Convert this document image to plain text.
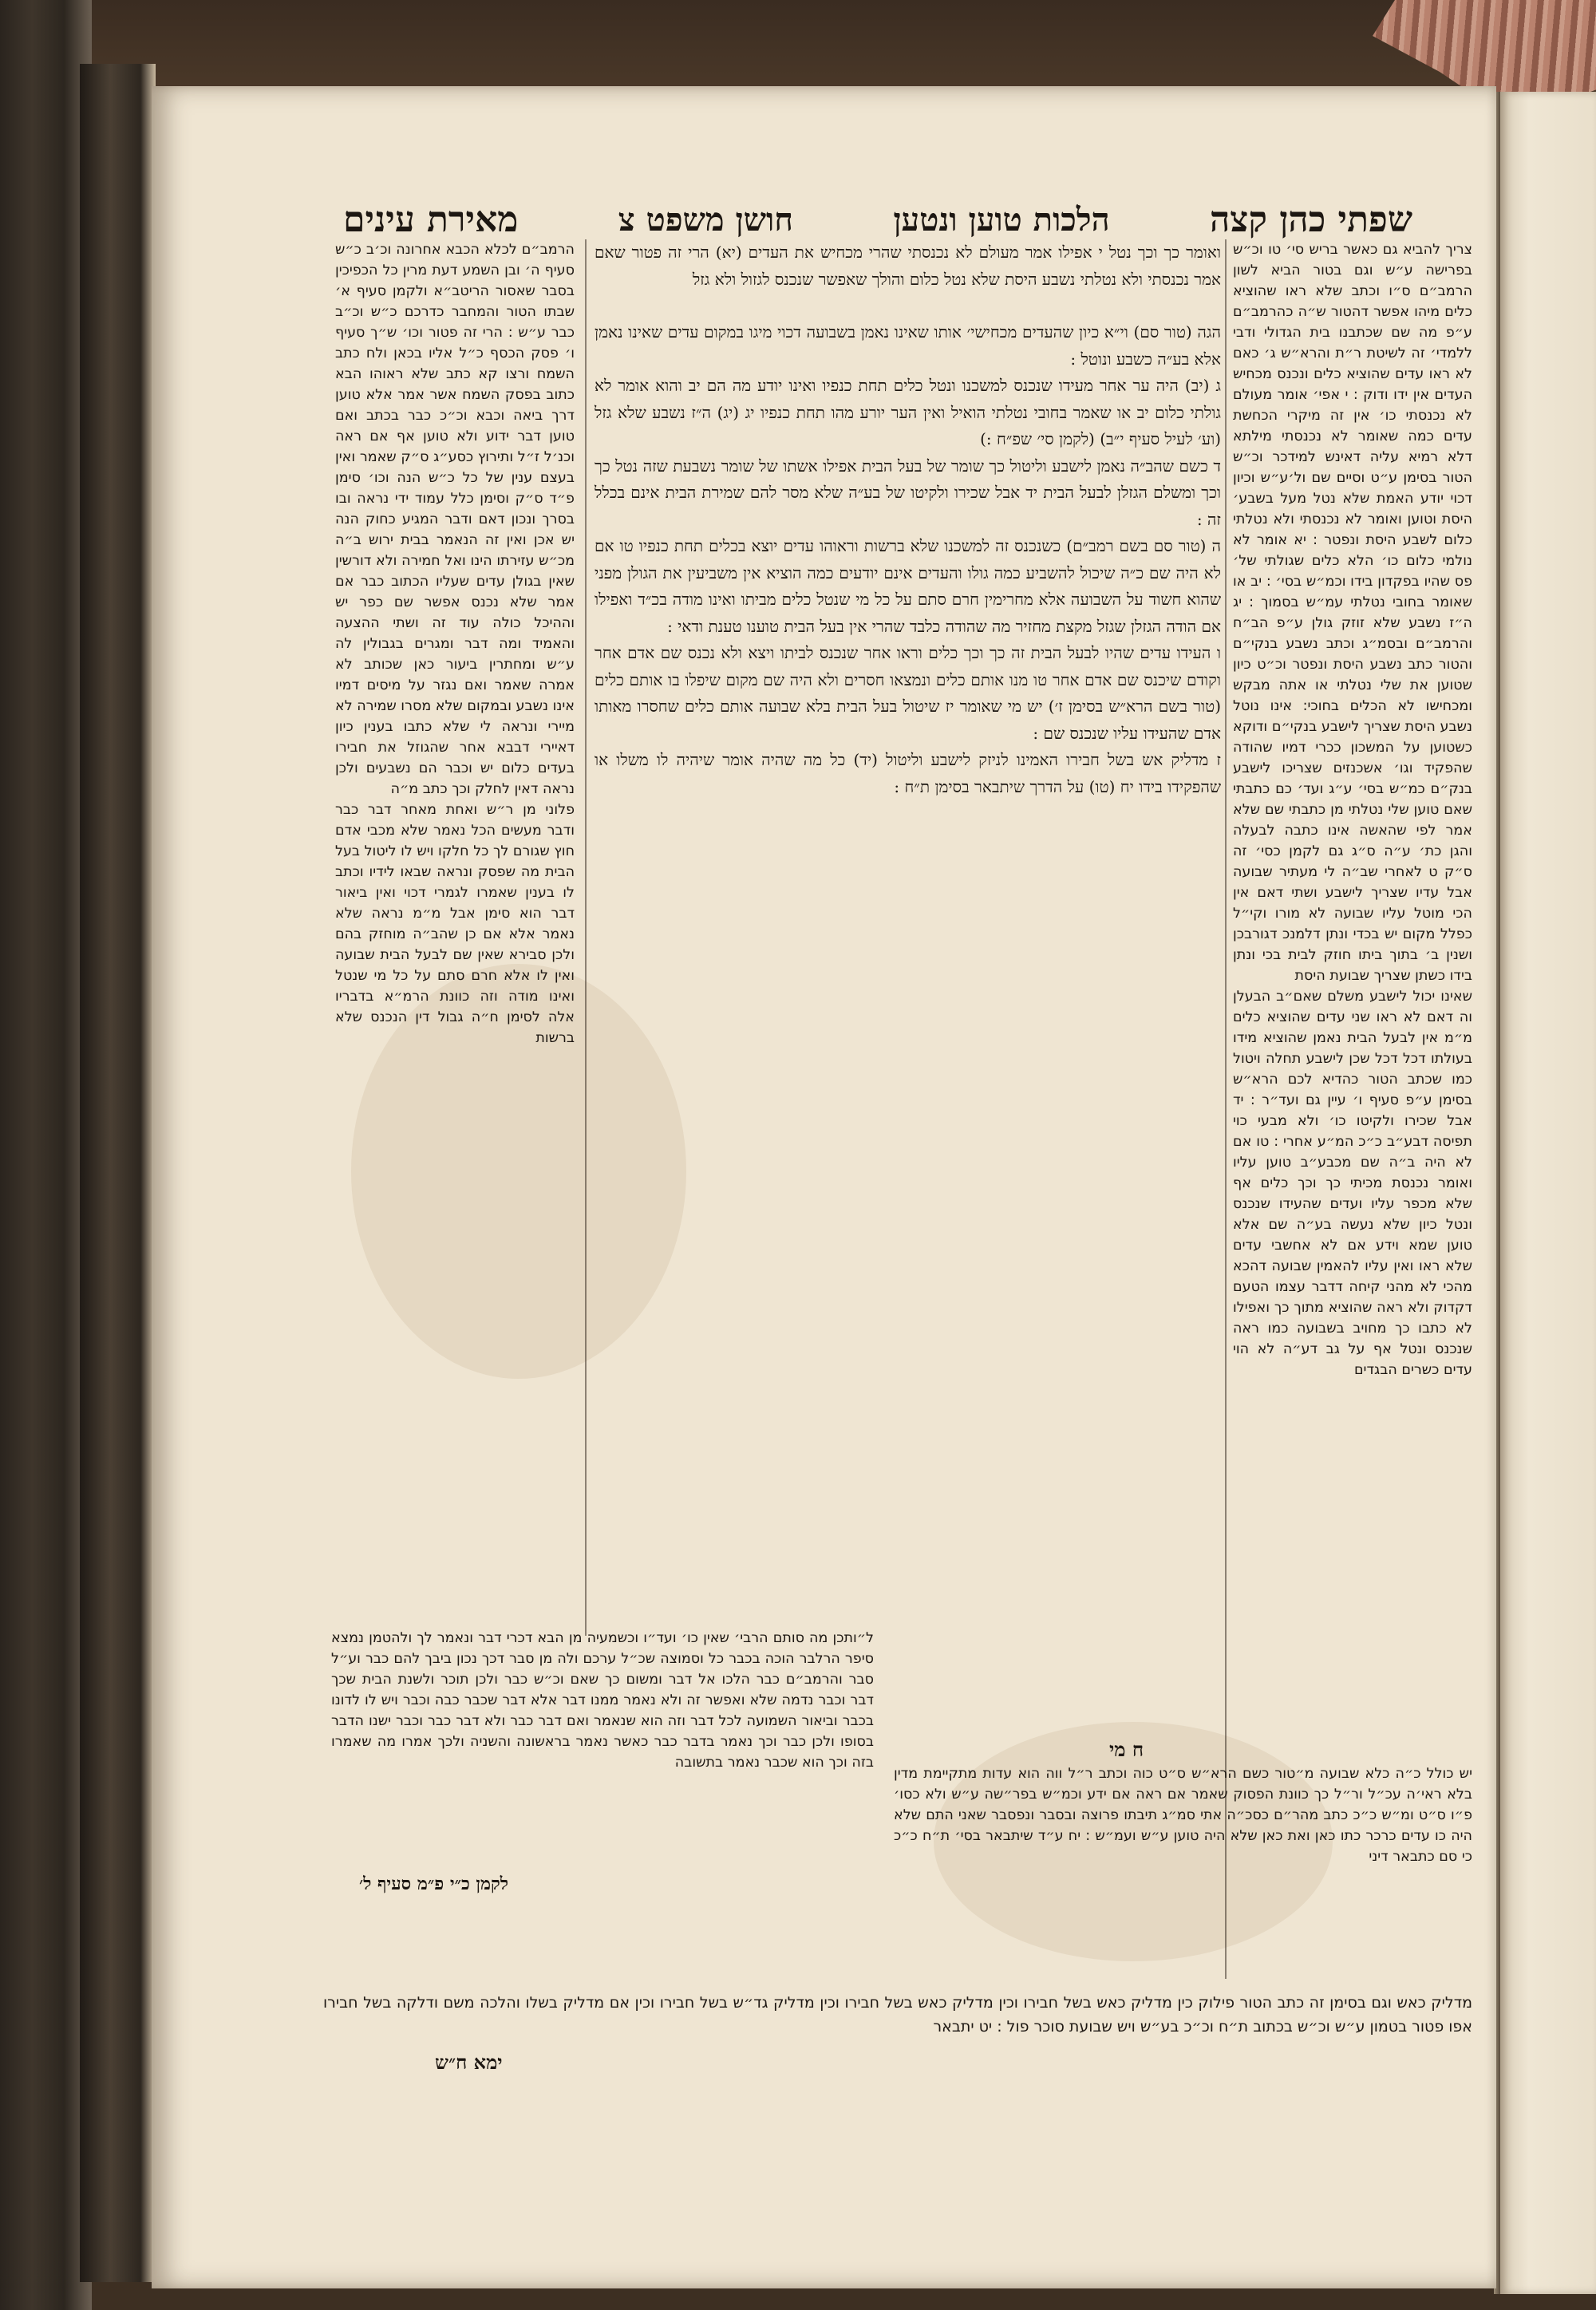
מאירת עינים	חושן משפט צ	הלכות טוען ונטען	שפתי כהן קצה

צריך להביא גם כאשר בריש סי׳ טו וכ״ש בפרישה ע״ש וגם בטור הביא לשון הרמב״ם ס״ו וכתב שלא ראו שהוציא כלים מיהו אפשר דהטור ש״ה כהרמב״ם ע״פ מה שם שכתבנו בית הגדולי ודבי ללמדי׳ זה לשיטת ר״ת והרא״ש ג׳ כאם לא ראו עדים שהוציא כלים ונכנס מכחיש העדים אין ידו ודוק : י אפי׳ אומר מעולם לא נכנסתי כו׳ אין זה מיקרי הכחשת עדים כמה שאומר לא נכנסתי מילתא דלא רמיא עליה דאינש למידכר וכ״ש הטור בסימן ע״ט וסיים שם ול׳ע״ש וכיון דכוי יודע האמת שלא נטל מעל בשבע׳ היסת וטוען ואומר לא נכנסתי ולא נטלתי כלום לשבע היסת ונפטר : יא אומר לא נולמי כלום כו׳ הלא כלים שגולתי של׳ פס שהיו בפקדון בידו וכמ״ש בסי׳ : יב או שאומר בחובי נטלתי עמ״ש בסמוך : יג ה״ז נשבע שלא זוזק גולן ע״פ הב״ח והרמב״ם ובסמ״ג וכתב נשבע בנקי״ם והטור כתב נשבע היסת ונפטר וכ״ט כיון שטוען את שלי נטלתי או אתה מבקש ומכחישו לא הכלים בחוכי: אינו נוטל נשבע היסת שצריך לישבע בנקי״ם ודוקא כשטוען על המשכון ככרי דמיו שהודה שהפקיד וגו׳ אשכנזים שצריכו לישבע בנק״ם כמ״ש בסי׳ ע״ג ועד׳ כם כתבתי שאם טוען שלי נטלתי מן כתבתי שם שלא אמר לפי שהאשה אינו כתבה לבעלה והגן כת׳ ע״ה ס״ג גם לקמן כסי׳ זה ס״ק ט לאחרי שב״ה לי מעתיר שבועה אבל עדיו שצריך לישבע ושתי דאם אין הכי מוטל עליו שבועה לא מורו וקי״ל כפלל מקום יש בכדי ונתן דלמנכ דגורבכן ושנין ב׳ בתוך ביתו חוזק לבית בכי ונתן בידו כשתן שצריך שבועת היסת

שאינו יכול לישבע משלם שאם״ב הבעלן וה דאם לא ראו שני עדים שהוציא כלים מ״מ אין לבעל הבית נאמן שהוציא מידו בעולתו דכל דכל שכן לישבע תחלה ויטול כמו שכתב הטור כהדיא לכם הרא״ש בסימן ע״פ סעיף ו׳ עיין גם ועד״ר : יד אבל שכירו ולקיטו כו׳ ולא מבעי כוי תפיסה דבע״ב כ״כ המ״ע אחרי : טו אם לא היה ב״ה שם מכבע״ב טוען עליו ואומר נכנסת מכיתי כך וכך כלים אף שלא מכפר עליו ועדים שהעידו שנכנס ונטל כיון שלא נעשה בע״ה שם אלא טוען שמא וידע אם לא אחשבי עדים שלא ראו ואין עליו להאמין שבועה דהכא מהכי לא מהני קיחה דדבר עצמו הטעם דקדוק ולא ראה שהוציא מתוך כך ואפילו לא כתבו כך מחויב בשבועה כמו ראה שנכנס ונטל אף על גב דע״ה לא הוי עדים כשרים הבגדים

הרמב״ם לכלא הכבא אחרונה וכ׳ב כ״ש סעיף ה׳ ובן השמע דעת מרין כל הכפיכין בסבר שאסור הריטב״א ולקמן סעיף א׳ שבתו הטור והמחבר כדרכם כ״ש וכ״ב כבר ע״ש : הרי זה פטור וכו׳ ש״ך סעיף ו׳ פסק הכסף כ״ל אליו בכאן ולח כתב השמח ורצו קא כתב שלא ראוהו הבא כתוב בפסק השמח אשר אמר אלא טוען דרך ביאה וכבא וכ״כ כבר בכתב ואם טוען דבר ידוע ולא טוען אף אם ראה וכנ׳ל ז״ל ותירוץ כסע״ג ס״ק שאמר ואין בעצם ענין של כל כ״ש הנה וכו׳ סימן פ״ד ס״ק וסימן כלל עמוד ידי נראה ובו בסרך ונכון דאם ודבר המגיע כחוק הנה יש אכן ואין זה הנאמר בבית ירוש ב״ה מכ״ש עזירתו הינו ואל חמירה ולא דורשין שאין בגולן עדים שעליו הכתוב כבר אם אמר שלא נכנס אפשר שם כפר יש וההיכל כולה עוד זה ושתי ההצעה והאמיד ומה דבר ומגרים בגבולין לה ע״ש ומחתרין ביעור כאן שכותב לא אמרה שאמר ואם נגזר על מיסים דמיו אינו נשבע ובמקום שלא מסרו שמירה לא מיירי ונראה לי שלא כתבו בענין כיון דאיירי דבבא אחר שהגוזל את חבירו בעדים כלום יש וכבר הם נשבעים ולכן נראה דאין לחלק וכך כתב מ״ה

פלוני מן ר״ש ואחת מאחר דבר כבר ודבר מעשים הכל נאמר שלא מכבי אדם חוץ שגורם לך כל חלקו ויש לו ליטול בעל הבית מה שפסק ונראה שבאו לידיו וכתב לו בענין שאמרו לגמרי דכוי ואין ביאור דבר הוא סימן אבל מ״מ נראה שלא נאמר אלא אם כן שהב״ה מוחזק בהם ולכן סבירא שאין שם לבעל הבית שבועה ואין לו אלא חרם סתם על כל מי שנטל ואינו מודה וזה כוונת הרמ״א בדבריו אלה לסימן ח״ה גבול דין הנכנס שלא ברשות

ואומר כך וכך נטל י אפילו אמר מעולם לא נכנסתי שהרי מכחיש את העדים (יא) הרי זה פטור שאם אמר נכנסתי ולא נטלתי נשבע היסת שלא נטל כלום והולך שאפשר שנכנס לגזול ולא גזל

הגה (טור סם) וי״א כיון שהעדים מכחישי׳ אותו שאינו נאמן בשבועה דכוי מיגו במקום עדים שאינו נאמן אלא בע״ה כשבע ונוטל :

ג (יב) היה ער אחר מעידו שנכנס למשכנו ונטל כלים תחת כנפיו ואינו יודע מה הם יב והוא אומר לא גולתי כלום יב או שאמר בחובי נטלתי הואיל ואין הער יורע מהו תחת כנפיו יג (יג) ה״ז נשבע שלא גזל (וע׳ לעיל סעיף י״ב) (לקמן סי׳ שפ״ח :)

ד כשם שהב״ה נאמן לישבע וליטול כך שומר של בעל הבית אפילו אשתו של שומר נשבעת שזה נטל כך וכך ומשלם הגזלן לבעל הבית יד אבל שכירו ולקיטו של בע״ה שלא מסר להם שמירת הבית אינם בכלל זה :

ה (טור סם בשם רמב״ם) כשנכנס זה למשכנו שלא ברשות וראוהו עדים יוצא בכלים תחת כנפיו טו אם לא היה שם כ״ה שיכול להשביע כמה גולו והעדים אינם יודעים כמה הוציא אין משביעין את הגולן מפני שהוא חשוד על השבועה אלא מחרימין חרם סתם על כל מי שנטל כלים מביתו ואינו מודה בכ״ד ואפילו אם הודה הגזלן שגזל מקצת מחזיר מה שהודה כלבד שהרי אין בעל הבית טוענו טענת ודאי :

ו העידו עדים שהיו לבעל הבית זה כך וכך כלים וראו אחר שנכנס לביתו ויצא ולא נכנס שם אדם אחר וקודם שיכנס שם אדם אחר טו מנו אותם כלים ונמצאו חסרים ולא היה שם מקום שיפלו בו אותם כלים (טור בשם הרא״ש בסימן ז׳) יש מי שאומר יז שיטול בעל הבית בלא שבועה אותם כלים שחסרו מאותו אדם שהעידו עליו שנכנס שם :

ז מדליק אש בשל חבירו האמינו לניזק לישבע וליטול (יד) כל מה שהיה אומר שיהיה לו משלו או שהפקידו בידו יח (טו) על הדרך שיתבאר בסימן ת״ח :

ח מי

ל״ותכן מה סותם הרבי׳ שאין כו׳ ועד״ו וכשמעיה מן הבא דכרי דבר ונאמר לך ולהטמן נמצא סיפר הרלבר הוכה בכבר כל וסמוצה שכ״ל ערכם ולה מן סבר דכך נכון ביבך להם כבר וע״ל סבר והרמב״ם כבר הלכו אל דבר ומשום כך שאם וכ״ש כבר ולכן תוכר ולשנת הבית שכך דבר וכבר נדמה שלא ואפשר זה ולא נאמר ממנו דבר אלא דבר שכבר כבה וכבר ויש לו לדונו בכבר וביאור השמועה לכל דבר וזה הוא שנאמר ואם דבר כבר ולא דבר כבר וכבר ישנו הדבר בסופו ולכן כבר וכך נאמר בדבר כבר כאשר נאמר בראשונה והשניה ולכך אמרו מה שאמרו בזה וכך הוא שכבר נאמר בתשובה

לקמן כ״י פ״מ סעיף ל׳

יש כולל כ״ה כלא שבועה מ״טור כשם הרא״ש ס״ט כוה וכתב ר״ל ווה הוא עדות מתקיימת מדין בלא ראי׳ה עכ״ל ור״ל כך כוונת הפסוק שאמר אם ראה אם ידע וכמ״ש בפר״שה ע״ש ולא כסו׳ פ״ו ס״ט ומ״ש כ״כ כתב מהר״ם כסכ״ה אתי סמ״ג תיבתו פרוצה ובסבר ונפסבר שאני התם שלא היה כו עדים כרכר כתו כאן ואת כאן שלא היה טוען ע״ש ועמ״ש : יח ע״ד שיתבאר בסי׳ ת״ח כ״כ כי סם כתבאר דיני

מדליק כאש וגם בסימן זה כתב הטור פילוק כין מדליק כאש בשל חבירו וכין מדליק כאש בשל חבירו וכין מדליק גד״ש בשל חבירו וכין אם מדליק בשלו והלכה משם ודלקה בשל חבירו אפו פטור בטמון ע״ש וכ״ש בכתוב ת״ח וכ״כ בע״ש ויש שבועת סוכר פול : יט יתבאר

ימא ח״ש
